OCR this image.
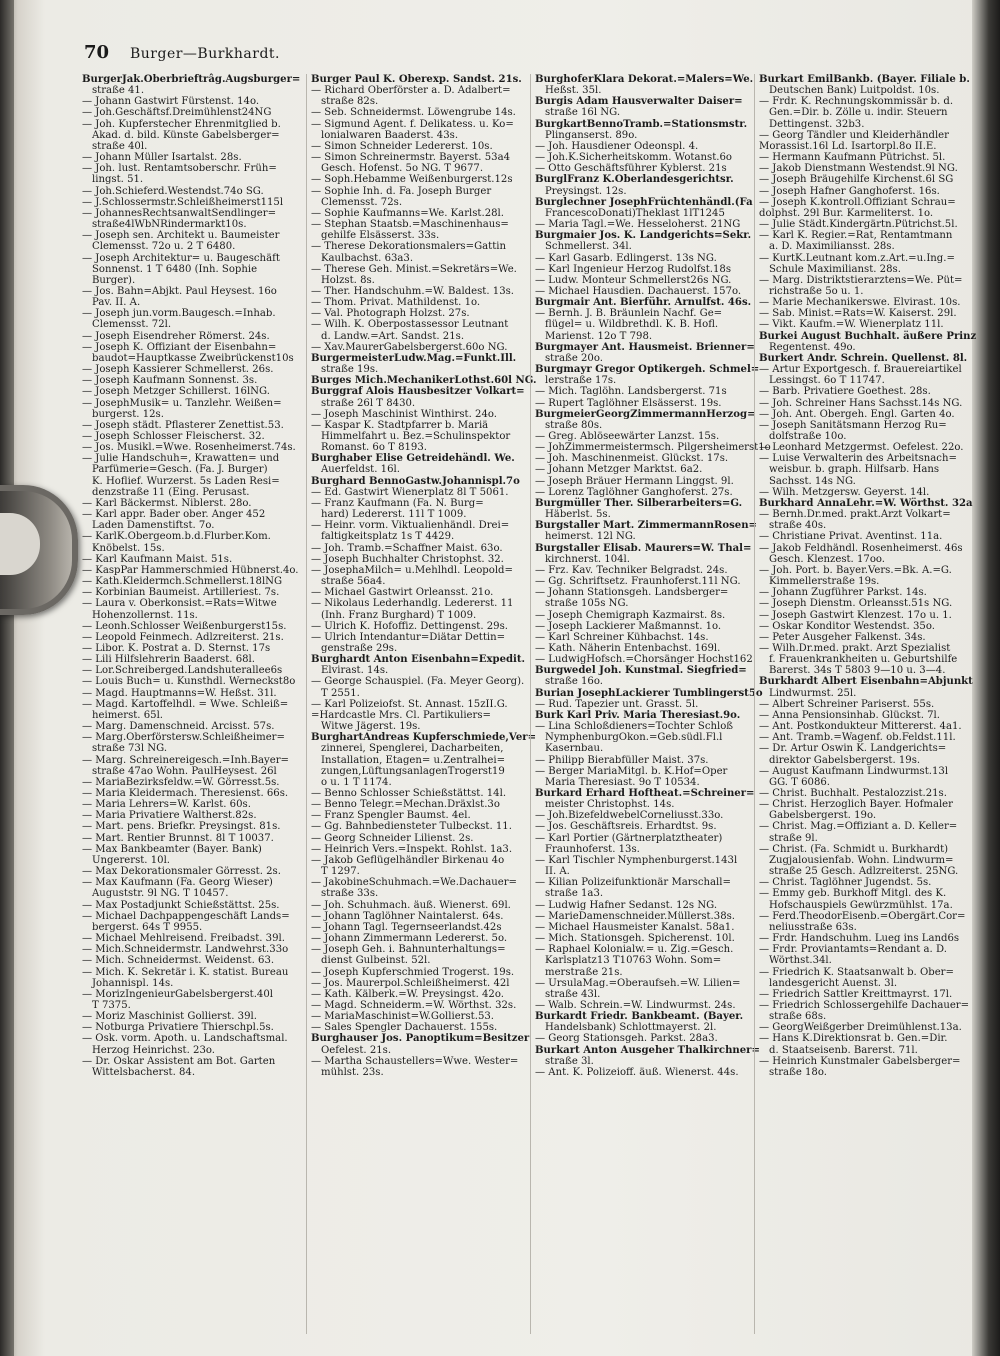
70 Burger—Burkhardt.
BurgerJak.Oberbrieftrâg.Augsburger=
straße 41.
— Johann Gastwirt Fürstenst. 14o.
— Joh.Geschäftsf.Dreimühlenst24NG
— Joh. Kupferstecher Ehrenmitglied b.
Akad. d. bild. Künste Gabelsberger=
straße 40l.
— Johann Müller Isartalst. 28s.
— Joh. lust. Rentamtsoberschr. Früh=
lingst. 51.
— Joh.Schieferd.Westendst.74o SG.
— J.Schlossermstr.Schleißheimerst115l
— JohannesRechtsanwaltSendlinger=
straße4lWbNRindermarkt10s.
— Joseph sen. Architekt u. Baumeister
Clemensst. 72o u. 2 T 6480.
— Joseph Architektur= u. Baugeschäft
Sonnenst. 1 T 6480 (Inh. Sophie
Burger).
— Jos. Bahn=Abjkt. Paul Heysest. 16o
Pav. II. A.
— Joseph jun.vorm.Baugesch.=Inhab.
Clemensst. 72l.
— Joseph Eisendreher Römerst. 24s.
— Joseph K. Offiziant der Eisenbahn=
baudot=Hauptkasse Zweibrückenst10s
— Joseph Kassierer Schmellerst. 26s.
— Joseph Kaufmann Sonnenst. 3s.
— Joseph Metzger Schillerst. 16lNG.
— JosephMusik= u. Tanzlehr. Weißen=
burgerst. 12s.
— Joseph städt. Pflasterer Zenettist.53.
— Joseph Schlosser Fleischerst. 32.
— Jos. Musikl.=Wwe. Rosenheimerst.74s.
— Julie Handschuh=, Krawatten= und
Parfümerie=Gesch. (Fa. J. Burger)
K. Hoflief. Wurzerst. 5s Laden Resi=
denzstraße 11 (Eing. Perusast.
— Karl Bäckermst. Niblerst. 28o.
— Karl appr. Bader ober. Anger 452
Laden Damenstiftst. 7o.
— KarlK.Obergeom.b.d.Flurber.Kom.
Knöbelst. 15s.
— Karl Kaufmann Maist. 51s.
— KaspPar Hammerschmied Hübnerst.4o.
— Kath.Kleidermch.Schmellerst.18lNG
— Korbinian Baumeist. Artilleriest. 7s.
— Laura v. Oberkonsist.=Rats=Witwe
Hohenzollernst. 11s.
— Leonh.Schlosser Weißenburgerst15s.
— Leopold Feinmech. Adlzreiterst. 21s.
— Libor. K. Postrat a. D. Sternst. 17s
— Lili Hilfslehrerin Baaderst. 68l.
— Lor.Schreiberged.Landshuterallee6s
— Louis Buch= u. Kunsthdl. Werneckst8o
— Magd. Hauptmanns=W. Heßst. 31l.
— Magd. Kartoffelhdl. = Wwe. Schleiß=
heimerst. 65l.
— Marg. Damenschneid. Arcisst. 57s.
— Marg.Oberförstersw.Schleißheimer=
straße 73l NG.
— Marg. Schreinereigesch.=Inh.Bayer=
straße 47ao Wohn. PaulHeysest. 26l
— MariaBezirksfeldw.=W. Görresst.5s.
— Maria Kleidermach. Theresienst. 66s.
— Maria Lehrers=W. Karlst. 60s.
— Maria Privatiere Waltherst.82s.
— Mart. pens. Briefkr. Preysingst. 81s.
— Mart. Rentier Brunnst. 8l T 10037.
— Max Bankbeamter (Bayer. Bank)
Ungererst. 10l.
— Max Dekorationsmaler Görresst. 2s.
— Max Kaufmann (Fa. Georg Wieser)
Auguststr. 9l NG. T 10457.
— Max Postadjunkt Schießstättst. 25s.
— Michael Dachpappengeschäft Lands=
bergerst. 64s T 9955.
— Michael Mehlreisend. Freibadst. 39l.
— Mich.Schneidermstr. Landwehrst.33o
— Mich. Schneidermst. Weidenst. 63.
— Mich. K. Sekretär i. K. statist. Bureau
Johannispl. 14s.
— MorizIngenieurGabelsbergerst.40l
T 7375.
— Moriz Maschinist Gollierst. 39l.
— Notburga Privatiere Thierschpl.5s.
— Osk. vorm. Apoth. u. Landschaftsmal.
Herzog Heinrichst. 23o.
— Dr. Oskar Assistent am Bot. Garten
Wittelsbacherst. 84.
Burger Paul K. Oberexp. Sandst. 21s.
— Richard Oberförster a. D. Adalbert=
straße 82s.
— Seb. Schneidermst. Löwengrube 14s.
— Sigmund Agent. f. Delikatess. u. Ko=
lonialwaren Baaderst. 43s.
— Simon Schneider Ledererst. 10s.
— Simon Schreinermstr. Bayerst. 53a4
Gesch. Hofenst. 5o NG. T 9677.
— Soph.Hebamme Weißenburgerst.12s
— Sophie Inh. d. Fa. Joseph Burger
Clemensst. 72s.
— Sophie Kaufmanns=We. Karlst.28l.
— Stephan Staatsb.=Maschinenhaus=
gehilfe Elsässerst. 33s.
— Therese Dekorationsmalers=Gattin
Kaulbachst. 63a3.
— Therese Geh. Minist.=Sekretärs=We.
Holzst. 8s.
— Ther. Handschuhm.=W. Baldest. 13s.
— Thom. Privat. Mathildenst. 1o.
— Val. Photograph Holzst. 27s.
— Wilh. K. Oberpostassessor Leutnant
d. Landw.=Art. Sandst. 21s.
— Xav.MaurerGabelsbergerst.60o NG.
BurgermeisterLudw.Mag.=Funkt.Ill.
straße 19s.
Burges Mich.MechanikerLothst.60l NG.
Burggraf Alois Hausbesitzer Volkart=
straße 26l T 8430.
— Joseph Maschinist Winthirst. 24o.
— Kaspar K. Stadtpfarrer b. Mariä
Himmelfahrt u. Bez.=Schulinspektor
Romanst. 6o T 8193.
Burghaber Elise Getreidehändl. We.
Auerfeldst. 16l.
Burghard BennoGastw.Johannispl.7o
— Ed. Gastwirt Wienerplatz 8l T 5061.
— Franz Kaufmann (Fa. N. Burg=
hard) Ledererst. 11l T 1009.
— Heinr. vorm. Viktualienhändl. Drei=
faltigkeitsplatz 1s T 4429.
— Joh. Tramb.=Schaffner Maist. 63o.
— Joseph Buchhalter Christophst. 32.
— JosephaMilch= u.Mehlhdl. Leopold=
straße 56a4.
— Michael Gastwirt Orleansst. 21o.
— Nikolaus Lederhandlg. Ledererst. 11
(Inh. Franz Burghard) T 1009.
— Ulrich K. Hofoffiz. Dettingenst. 29s.
— Ulrich Intendantur=Diätar Dettin=
genstraße 29s.
Burghardt Anton Eisenbahn=Expedit.
Elvirast. 14s.
— George Schauspiel. (Fa. Meyer Georg).
T 2551.
— Karl Polizeiofst. St. Annast. 15zII.G.
=Hardcastle Mrs. Cl. Partikuliers=
Witwe Jägerst. 19s.
BurghartAndreas Kupferschmiede,Ver=
zinnerei, Spenglerei, Dacharbeiten,
Installation, Etagen= u.Zentralhei=
zungen,LüftungsanlagenTrogerst19
o u. 1 T 1174.
— Benno Schlosser Schießstättst. 14l.
— Benno Telegr.=Mechan.Dräxlst.3o
— Franz Spengler Baumst. 4el.
— Gg. Bahnbediensteter Tulbeckst. 11.
— Georg Schneider Lilienst. 2s.
— Heinrich Vers.=Inspekt. Rohlst. 1a3.
— Jakob Geflügelhändler Birkenau 4o
T 1297.
— JakobineSchuhmach.=We.Dachauer=
straße 33s.
— Joh. Schuhmach. äuß. Wienerst. 69l.
— Johann Taglöhner Naintalerst. 64s.
— Johann Tagl. Tegernseerlandst.42s
— Johann Zimmermann Ledererst. 5o.
— Joseph Geh. i. Bahnunterhaltungs=
dienst Gulbeinst. 52l.
— Joseph Kupferschmied Trogerst. 19s.
— Jos. Maurerpol.Schleißheimerst. 42l
— Kath. Kälberk.=W. Preysingst. 42o.
— Magd. Schneiderm.=W. Wörthst. 32s.
— MariaMaschinist=W.Gollierst.53.
— Sales Spengler Dachauerst. 155s.
Burghauser Jos. Panoptikum=Besitzer
Oefelest. 21s.
— Martha Schaustellers=Wwe. Wester=
mühlst. 23s.
BurghoferKlara Dekorat.=Malers=We.
Heßst. 35l.
Burgis Adam Hausverwalter Daiser=
straße 16l NG.
BurgkartBennoTramb.=Stationsmstr.
Plinganserst. 89o.
— Joh. Hausdiener Odeonspl. 4.
— Joh.K.Sicherheitskomm. Wotanst.6o
— Otto Geschäftsführer Kyblerst. 21s
BurglFranz K.Oberlandesgerichtsr.
Preysingst. 12s.
Burglechner JosephFrüchtenhändl.(Fa
FrancescoDonati)Theklast 1lT1245
— Maria Tagl.=We. Hesseloherst. 21NG
Burgmaier Jos. K. Landgerichts=Sekr.
Schmellerst. 34l.
— Karl Gasarb. Edlingerst. 13s NG.
— Karl Ingenieur Herzog Rudolfst.18s
— Ludw. Monteur Schmellerst26s NG.
— Michael Hausdien. Dachauerst. 157o.
Burgmair Ant. Bierführ. Arnulfst. 46s.
— Bernh. J. B. Bräunlein Nachf. Ge=
flügel= u. Wildbrethdl. K. B. Hofl.
Marienst. 12o T 798.
Burgmayer Ant. Hausmeist. Brienner=
straße 20o.
Burgmayr Gregor Optikergeh. Schmel=
lerstraße 17s.
— Mich. Taglöhn. Landsbergerst. 71s
— Rupert Taglöhner Elsässerst. 19s.
BurgmeierGeorgZimmermannHerzog=
straße 80s.
— Greg. Ablöseewärter Lanzst. 15s.
— JohZimmermeistermsch. Pilgersheimerst1o
— Joh. Maschinenmeist. Glückst. 17s.
— Johann Metzger Marktst. 6a2.
— Joseph Bräuer Hermann Linggst. 9l.
— Lorenz Taglöhner Ganghoferst. 27s.
Burgmüller Ther. Silberarbeiters=G.
Häberlst. 5s.
Burgstaller Mart. ZimmermannRosen=
heimerst. 12l NG.
Burgstaller Elisab. Maurers=W. Thal=
kirchnerst. 104l.
— Frz. Kav. Techniker Belgradst. 24s.
— Gg. Schriftsetz. Fraunhoferst.11l NG.
— Johann Stationsgeh. Landsberger=
straße 105s NG.
— Joseph Chemigraph Kazmairst. 8s.
— Joseph Lackierer Maßmannst. 1o.
— Karl Schreiner Kühbachst. 14s.
— Kath. Näherin Entenbachst. 169l.
— LudwigHofsch.=Chorsänger Hochst162
Burgwedel Joh. Kunstmal. Siegfried=
straße 16o.
Burian JosephLackierer Tumblingerst5o
— Rud. Tapezier unt. Grasst. 5l.
Burk Karl Priv. Maria Theresiast.9o.
— Lina Schloßdieners=Tochter Schloß
NymphenburgOkon.=Geb.südl.Fl.l
Kasernbau.
— Philipp Bierabfüller Maist. 37s.
— Berger MariaMitgl. b. K.Hof=Oper
Maria Theresiast. 9o T 10534.
Burkard Erhard Hoftheat.=Schreiner=
meister Christophst. 14s.
— Joh.BizefeldwebelCorneliusst.33o.
— Jos. Geschäftsreis. Erhardtst. 9s.
— Karl Portier (Gärtnerplatztheater)
Fraunhoferst. 13s.
— Karl Tischler Nymphenburgerst.143l
II. A.
— Kilian Polizeifunktionär Marschall=
straße 1a3.
— Ludwig Hafner Sedanst. 12s NG.
— MarieDamenschneider.Müllerst.38s.
— Michael Hausmeister Kanalst. 58a1.
— Mich. Stationsgeh. Spicherenst. 10l.
— Raphael Kolonialw.= u. Zig.=Gesch.
Karlsplatz13 T10763 Wohn. Som=
merstraße 21s.
— UrsulaMag.=Oberaufseh.=W. Lilien=
straße 43l.
— Walb. Schrein.=W. Lindwurmst. 24s.
Burkardt Friedr. Bankbeamt. (Bayer.
Handelsbank) Schlottmayerst. 2l.
— Georg Stationsgeh. Parkst. 28a3.
Burkart Anton Ausgeher Thalkirchner=
straße 3l.
— Ant. K. Polizeioff. äuß. Wienerst. 44s.
Burkart EmilBankb. (Bayer. Filiale b.
Deutschen Bank) Luitpoldst. 10s.
— Frdr. K. Rechnungskommissär b. d.
Gen.=Dir. b. Zölle u. indir. Steuern
Dettingenst. 32b3.
— Georg Tändler und Kleiderhändler
Morassist.16l Ld. Isartorpl.8o II.E.
— Hermann Kaufmann Pütrichst. 5l.
— Jakob Dienstmann Westendst.9l NG.
— Joseph Bräugehilfe Kirchenst.6l SG
— Joseph Hafner Ganghoferst. 16s.
— Joseph K.kontroll.Offiziant Schrau=
dolphst. 29l Bur. Karmeliterst. 1o.
— Julie Städt.Kindergärtn.Pütrichst.5l.
— Karl K. Regier.=Rat, Rentamtmann
a. D. Maximiliansst. 28s.
— KurtK.Leutnant kom.z.Art.=u.Ing.=
Schule Maximilianst. 28s.
— Marg. Distriktstierarztens=We. Püt=
richstraße 5o u. 1.
— Marie Mechanikerswe. Elvirast. 10s.
— Sab. Minist.=Rats=W. Kaiserst. 29l.
— Vikt. Kaufm.=W. Wienerplatz 11l.
Burkei August Buchhalt. äußere Prinz
Regentenst. 49o.
Burkert Andr. Schrein. Quellenst. 8l.
— Artur Exportgesch. f. Brauereiartikel
Lessingst. 6o T 11747.
— Barb. Privatiere Goethest. 28s.
— Joh. Schreiner Hans Sachsst.14s NG.
— Joh. Ant. Obergeh. Engl. Garten 4o.
— Joseph Sanitätsmann Herzog Ru=
dolfstraße 10o.
— Leonhard Metzgermst. Oefelest. 22o.
— Luise Verwalterin des Arbeitsnach=
weisbur. b. graph. Hilfsarb. Hans
Sachsst. 14s NG.
— Wilh. Metzgersw. Geyerst. 14l.
Burkhard AnnaLehr.=W. Wörthst. 32a
— Bernh.Dr.med. prakt.Arzt Volkart=
straße 40s.
— Christiane Privat. Aventinst. 11a.
— Jakob Feldhändl. Rosenheimerst. 46s
Gesch. Klenzest. 17oo.
— Joh. Port. b. Bayer.Vers.=Bk. A.=G.
Kimmellerstraße 19s.
— Johann Zugführer Parkst. 14s.
— Joseph Dienstm. Orleansst.51s NG.
— Joseph Gastwirt Klenzest. 17o u. 1.
— Oskar Konditor Westendst. 35o.
— Peter Ausgeher Falkenst. 34s.
— Wilh.Dr.med. prakt. Arzt Spezialist
f. Frauenkrankheiten u. Geburtshilfe
Barerst. 34s T 5803 9—10 u. 3—4.
Burkhardt Albert Eisenbahn=Abjunkt
Lindwurmst. 25l.
— Albert Schreiner Pariserst. 55s.
— Anna Pensionsinhab. Glückst. 7l.
— Ant. Postkondukteur Mittererst. 4a1.
— Ant. Tramb.=Wagenf. ob.Feldst.11l.
— Dr. Artur Oswin K. Landgerichts=
direktor Gabelsbergerst. 19s.
— August Kaufmann Lindwurmst.13l
GG. T 6086.
— Christ. Buchhalt. Pestalozzist.21s.
— Christ. Herzoglich Bayer. Hofmaler
Gabelsbergerst. 19o.
— Christ. Mag.=Offiziant a. D. Keller=
straße 9l.
— Christ. (Fa. Schmidt u. Burkhardt)
Zugjalousienfab. Wohn. Lindwurm=
straße 25 Gesch. Adlzreiterst. 25NG.
— Christ. Taglöhner Jugendst. 5s.
— Emmy geb. Burkhoff Mitgl. des K.
Hofschauspiels Gewürzmühlst. 17a.
— Ferd.TheodorEisenb.=Obergärt.Cor=
neliusstraße 63s.
— Frdr. Handschuhm. Lueg ins Land6s
— Frdr. Proviantamts=Rendant a. D.
Wörthst.34l.
— Friedrich K. Staatsanwalt b. Ober=
landesgericht Auenst. 3l.
— Friedrich Sattler Kreittmayrst. 17l.
— Friedrich Schlossergehilfe Dachauer=
straße 68s.
— GeorgWeißgerber Dreimühlenst.13a.
— Hans K.Direktionsrat b. Gen.=Dir.
d. Staatseisenb. Barerst. 71l.
— Heinrich Kunstmaler Gabelsberger=
straße 18o.
